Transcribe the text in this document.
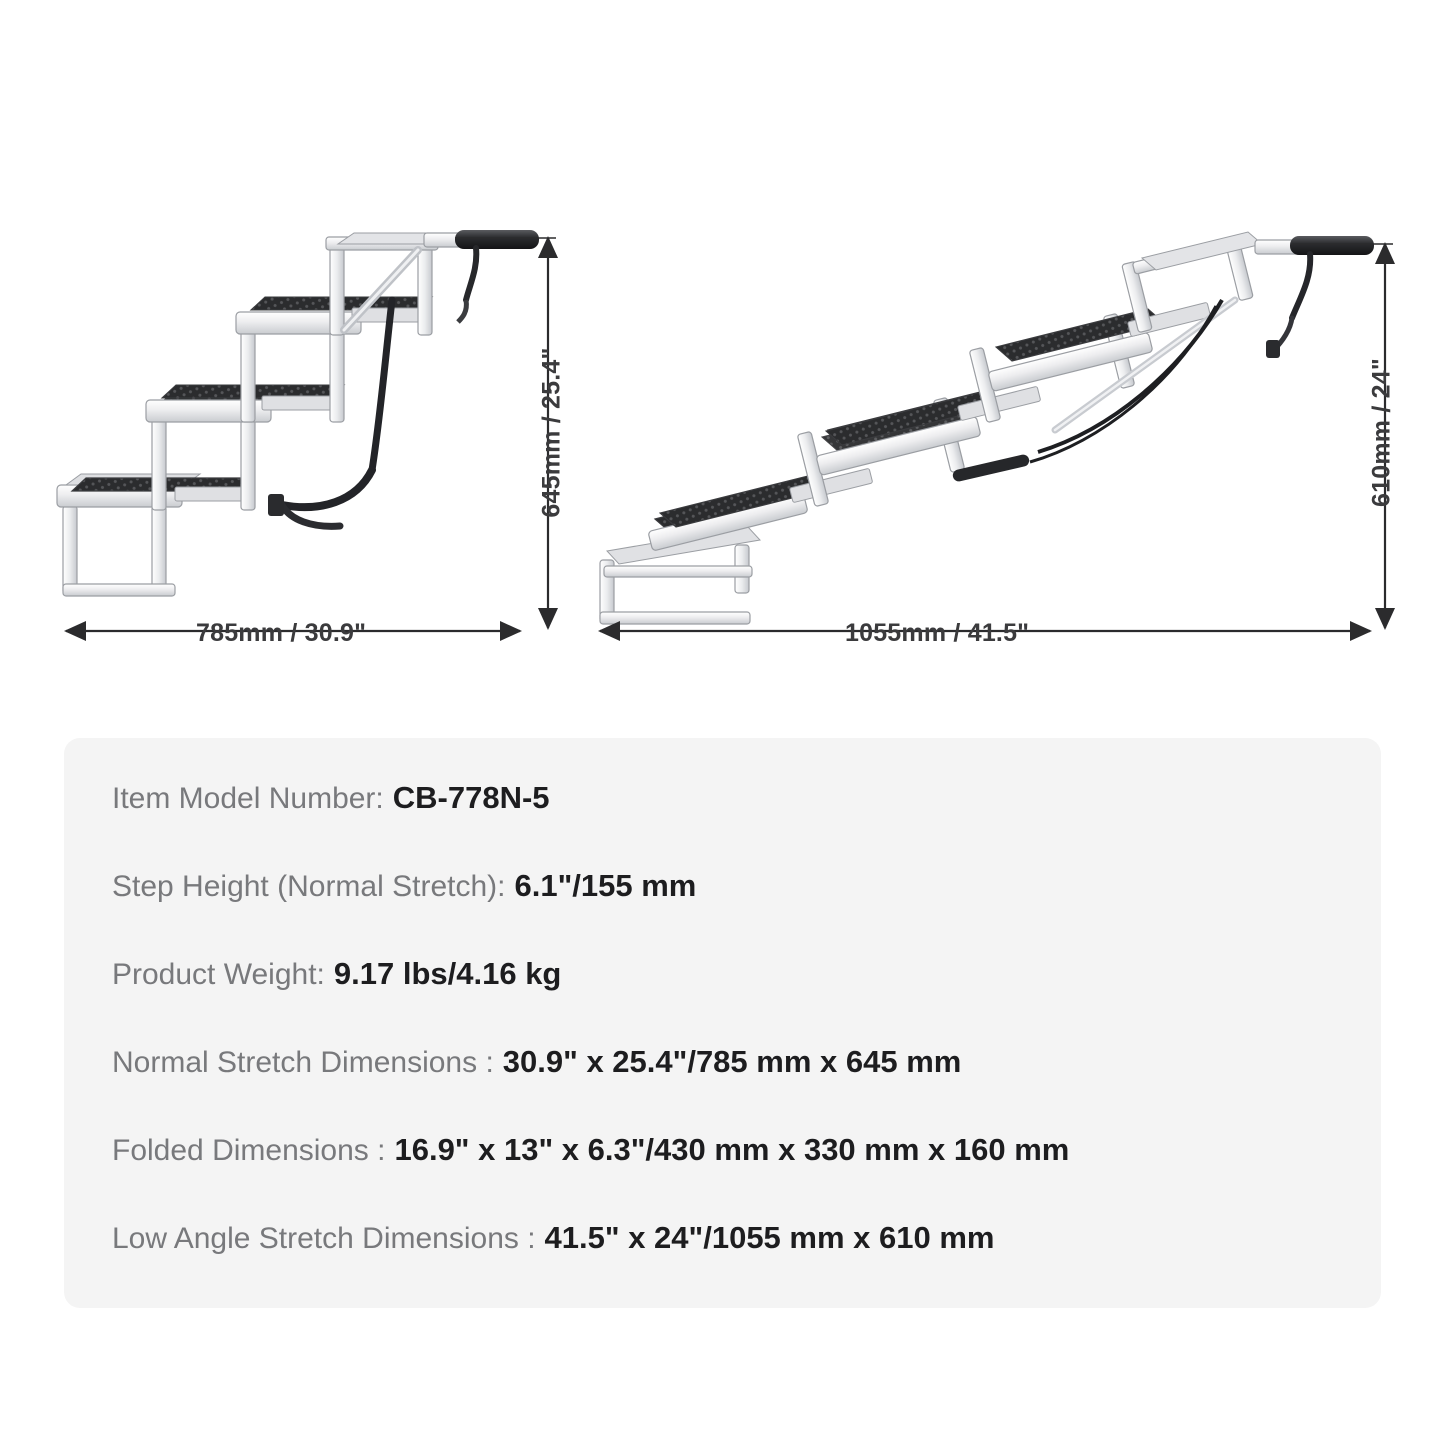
785mm / 30.9"
645mm / 25.4"
1055mm / 41.5"
610mm / 24"
Item Model Number: CB-778N-5
Step Height (Normal Stretch): 6.1"/155 mm
Product Weight: 9.17 lbs/4.16 kg
Normal Stretch Dimensions : 30.9" x 25.4"/785 mm x 645 mm
Folded Dimensions : 16.9" x 13" x 6.3"/430 mm x 330 mm x 160 mm
Low Angle Stretch Dimensions : 41.5" x 24"/1055 mm x 610 mm
